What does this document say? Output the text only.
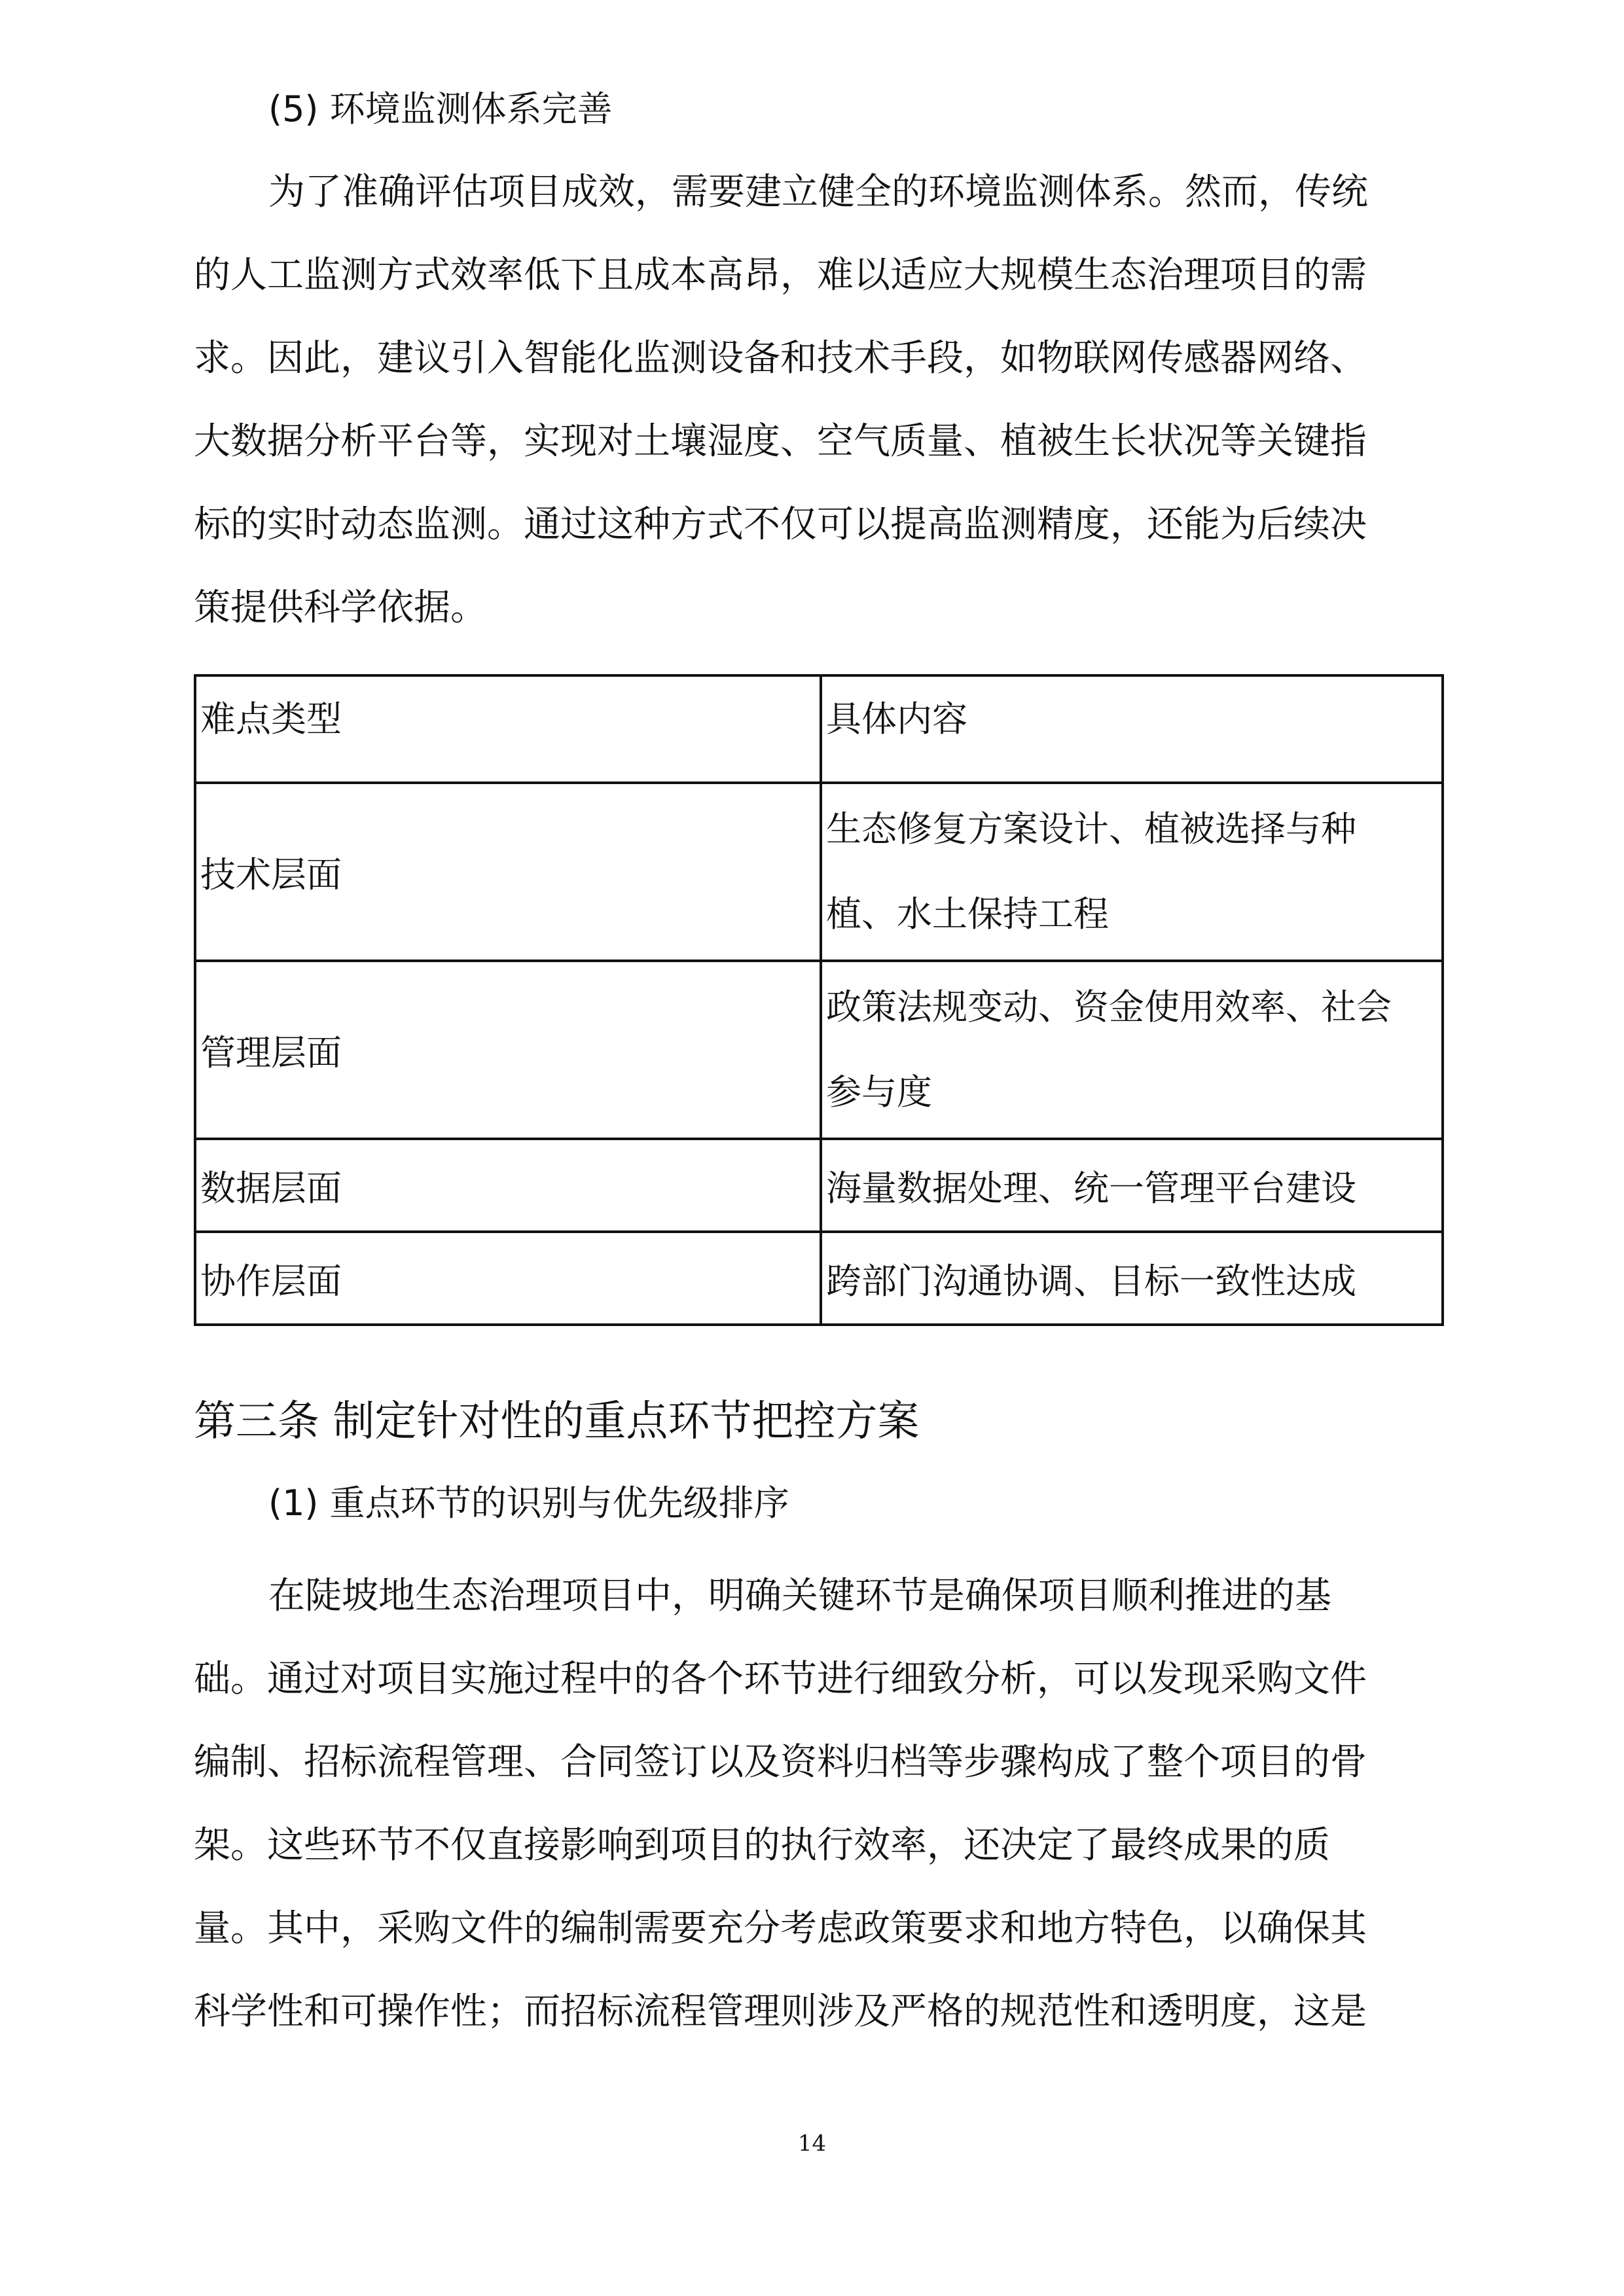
(5) 环境监测体系完善
为了准确评估项目成效，需要建立健全的环境监测体系。然而，传统
的人工监测方式效率低下且成本高昂，难以适应大规模生态治理项目的需
求。因此，建议引入智能化监测设备和技术手段，如物联网传感器网络、
大数据分析平台等，实现对土壤湿度、空气质量、植被生长状况等关键指
标的实时动态监测。通过这种方式不仅可以提高监测精度，还能为后续决
策提供科学依据。
难点类型	具体内容
技术层面	生态修复方案设计、植被选择与种
植、水土保持工程

管理层面	政策法规变动、资金使用效率、社会
参与度

数据层面	海量数据处理、统一管理平台建设
协作层面	跨部门沟通协调、目标一致性达成
第三条 制定针对性的重点环节把控方案
(1) 重点环节的识别与优先级排序
在陡坡地生态治理项目中，明确关键环节是确保项目顺利推进的基
础。通过对项目实施过程中的各个环节进行细致分析，可以发现采购文件
编制、招标流程管理、合同签订以及资料归档等步骤构成了整个项目的骨
架。这些环节不仅直接影响到项目的执行效率，还决定了最终成果的质
量。其中，采购文件的编制需要充分考虑政策要求和地方特色，以确保其
科学性和可操作性；而招标流程管理则涉及严格的规范性和透明度，这是
14
